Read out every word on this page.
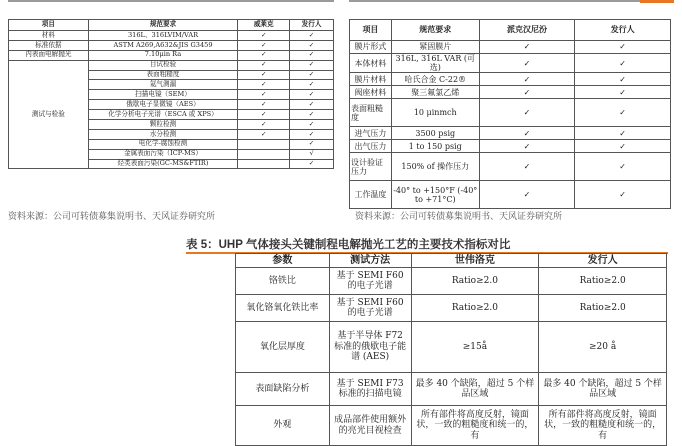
项目	规范要求	威莱克	发行人
材料	316L、316LVIM/VAR	✓	✓
标准依据	ASTM A269,A632&JIS G3459	✓	✓
内表面电解抛光	7.10μin Ra	✓	✓
测试与检验	目试检验	✓	✓
	表面粗糙度	✓	✓
	氦气测漏	✓	✓
	扫描电镜（SEM）	✓	✓
	俄歇电子显微镜（AES）	✓	✓
	化学分析电子光谱（ESCA 或 XPS）	✓	✓
	颗粒检测	✓	✓
	水分检测	✓	✓
	电化学-腐蚀检测		✓
	金属表面污染（ICP-MS）		√
	烃类表面污染(GC-MS&FTIR)		✓
项目	规范要求	派克汉尼汾	发行人
膜片形式	紧固膜片	✓	✓
本体材料	316L, 316L VAR (可选)	✓	✓
膜片材料	哈氏合金 C-22®	✓	✓
阀座材料	聚三氟氯乙烯	✓	✓
表面粗糙度	10 μinmch	✓	✓
进气压力	3500 psig	✓	✓
出气压力	1 to 150 psig	✓	✓
设计验证压力	150% of 操作压力	✓	✓
工作温度	-40° to +150°F (-40° to +71°C)	✓	✓
资料来源：公司可转债募集说明书、天风证券研究所	资料来源：公司可转债募集说明书、天风证券研究所
表 5：UHP 气体接头关键制程电解抛光工艺的主要技术指标对比
参数	测试方法	世伟洛克	发行人
铬铁比	基于 SEMI F60 的电子光谱	Ratio≥2.0	Ratio≥2.0
氧化铬氧化铁比率	基于 SEMI F60 的电子光谱	Ratio≥2.0	Ratio≥2.0
氧化层厚度	基于半导体 F72 标准的俄歇电子能谱 (AES)	≥15å	≥20 å
表面缺陷分析	基于 SEMI F73 标准的扫描电镜	最多 40 个缺陷，超过 5 个样品区域	最多 40 个缺陷，超过 5 个样品区域
外观	成品部件使用额外的亮光目视检查	所有部件将高度反射，镜面状，一致的粗糙度和统一的，有	所有部件将高度反射，镜面状，一致的粗糙度和统一的，有
